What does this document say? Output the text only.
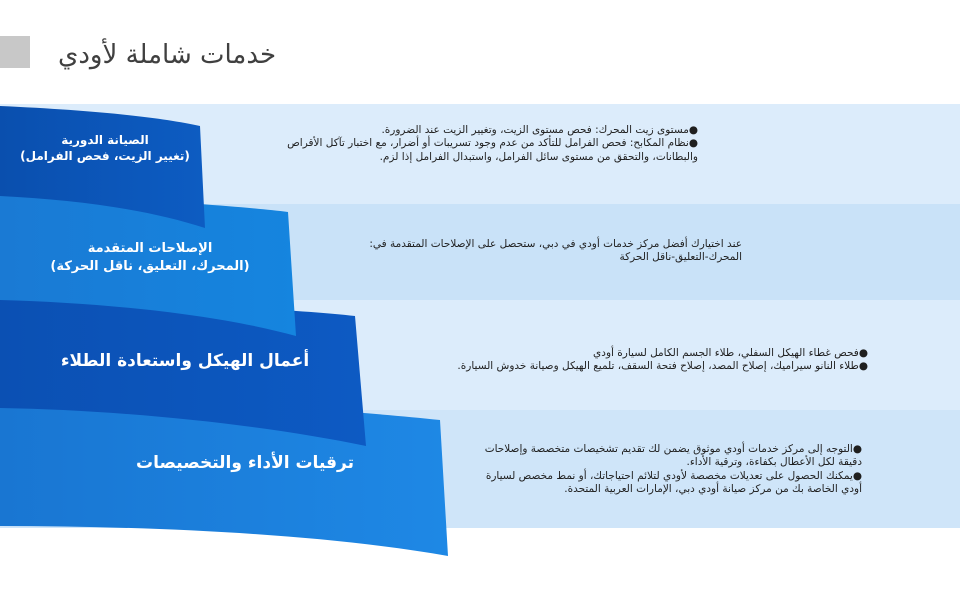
خدمات شاملة لأودي
الصيانة الدورية
(تغيير الزيت، فحص الفرامل)
الإصلاحات المتقدمة
(المحرك، التعليق، ناقل الحركة)
أعمال الهيكل واستعادة الطلاء
ترقيات الأداء والتخصيصات

● مستوى زيت المحرك: فحص مستوى الزيت، وتغيير الزيت عند الضرورة.

● نظام المكابح: فحص الفرامل للتأكد من عدم وجود تسريبات أو أضرار، مع اختبار تآكل الأقراص والبطانات، والتحقق من مستوى سائل الفرامل، واستبدال الفرامل إذا لزم.

عند اختيارك أفضل مركز خدمات أودي في دبي، ستحصل على الإصلاحات المتقدمة في:

المحرك-التعليق-ناقل الحركة

● فحص غطاء الهيكل السفلي، طلاء الجسم الكامل لسيارة أودي

● طلاء النانو سيراميك، إصلاح المصد، إصلاح فتحة السقف، تلميع الهيكل وصيانة خدوش السيارة.

● التوجه إلى مركز خدمات أودي موثوق يضمن لك تقديم تشخيصات متخصصة وإصلاحات دقيقة لكل الأعطال بكفاءة، وترقية الأداء.

● يمكنك الحصول على تعديلات مخصصة لأودي لتلائم احتياجاتك، أو نمط مخصص لسيارة أودي الخاصة بك من مركز صيانة أودي دبي، الإمارات العربية المتحدة.
